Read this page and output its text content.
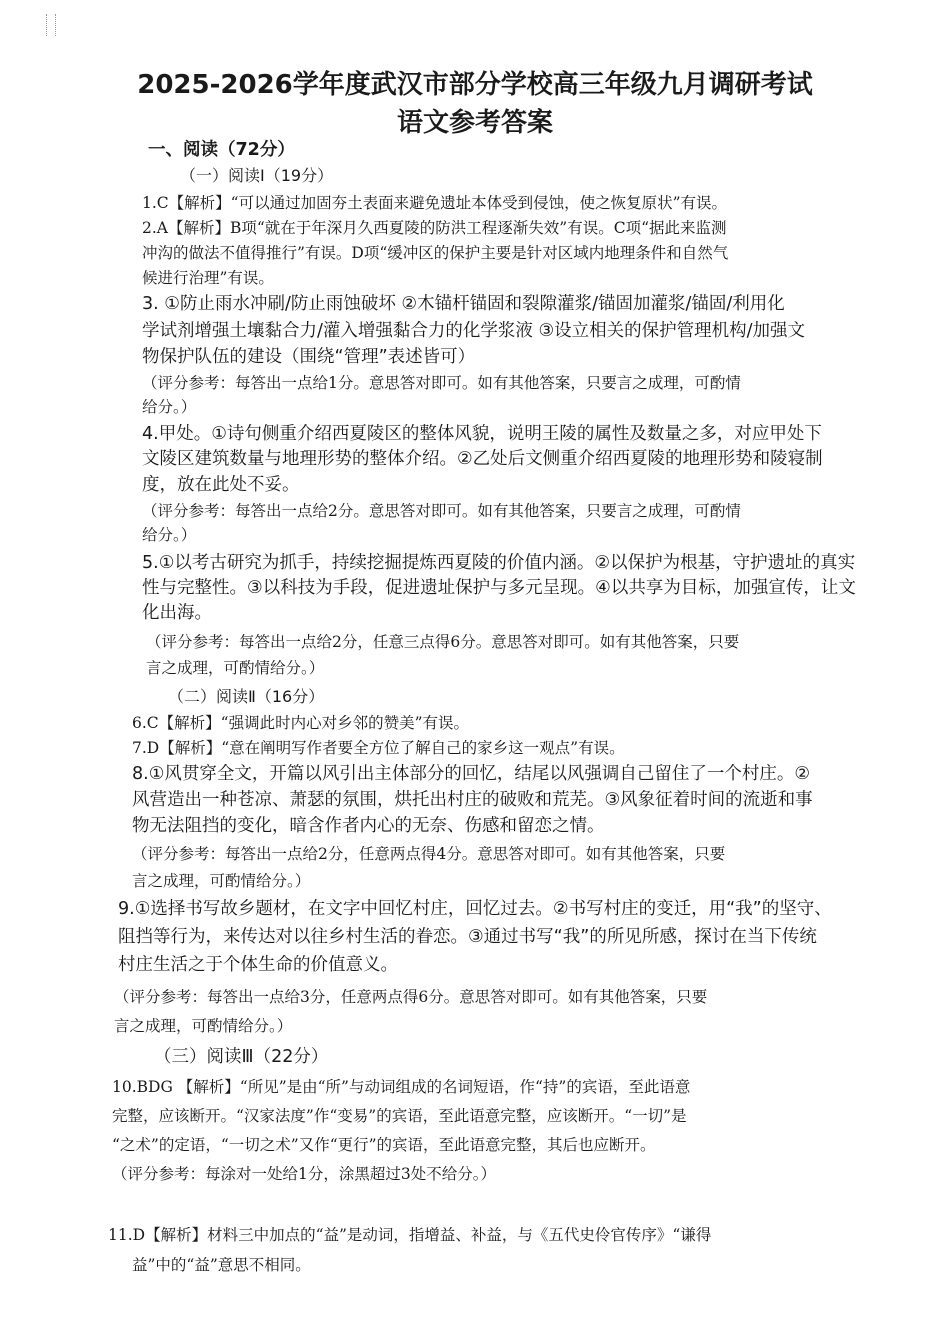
2025-2026学年度武汉市部分学校高三年级九月调研考试
语文参考答案
一、阅读（72分）
（一）阅读Ⅰ（19分）
1.C【解析】“可以通过加固夯土表面来避免遗址本体受到侵蚀，使之恢复原状”有误。
2.A【解析】B项“就在于年深月久西夏陵的防洪工程逐渐失效”有误。C项“据此来监测
冲沟的做法不值得推行”有误。D项“缓冲区的保护主要是针对区域内地理条件和自然气
候进行治理”有误。
3. ①防止雨水冲刷/防止雨蚀破坏 ②木锚杆锚固和裂隙灌浆/锚固加灌浆/锚固/利用化
学试剂增强土壤黏合力/灌入增强黏合力的化学浆液 ③设立相关的保护管理机构/加强文
物保护队伍的建设（围绕“管理”表述皆可）
（评分参考：每答出一点给1分。意思答对即可。如有其他答案，只要言之成理，可酌情
给分。）
4.甲处。①诗句侧重介绍西夏陵区的整体风貌，说明王陵的属性及数量之多，对应甲处下
文陵区建筑数量与地理形势的整体介绍。②乙处后文侧重介绍西夏陵的地理形势和陵寝制
度，放在此处不妥。
（评分参考：每答出一点给2分。意思答对即可。如有其他答案，只要言之成理，可酌情
给分。）
5.①以考古研究为抓手，持续挖掘提炼西夏陵的价值内涵。②以保护为根基，守护遗址的真实
性与完整性。③以科技为手段，促进遗址保护与多元呈现。④以共享为目标，加强宣传，让文
化出海。
（评分参考：每答出一点给2分，任意三点得6分。意思答对即可。如有其他答案，只要
言之成理，可酌情给分。）
（二）阅读Ⅱ（16分）
6.C【解析】“强调此时内心对乡邻的赞美”有误。
7.D【解析】“意在阐明写作者要全方位了解自己的家乡这一观点”有误。
8.①风贯穿全文，开篇以风引出主体部分的回忆，结尾以风强调自己留住了一个村庄。②
风营造出一种苍凉、萧瑟的氛围，烘托出村庄的破败和荒芜。③风象征着时间的流逝和事
物无法阻挡的变化，暗含作者内心的无奈、伤感和留恋之情。
（评分参考：每答出一点给2分，任意两点得4分。意思答对即可。如有其他答案，只要
言之成理，可酌情给分。）
9.①选择书写故乡题材，在文字中回忆村庄，回忆过去。②书写村庄的变迁，用“我”的坚守、
阻挡等行为，来传达对以往乡村生活的眷恋。③通过书写“我”的所见所感，探讨在当下传统
村庄生活之于个体生命的价值意义。
（评分参考：每答出一点给3分，任意两点得6分。意思答对即可。如有其他答案，只要
言之成理，可酌情给分。）
（三）阅读Ⅲ（22分）
10.BDG 【解析】“所见”是由“所”与动词组成的名词短语，作“持”的宾语，至此语意
完整，应该断开。“汉家法度”作“变易”的宾语，至此语意完整，应该断开。“一切”是
“之术”的定语，“一切之术”又作“更行”的宾语，至此语意完整，其后也应断开。
（评分参考：每涂对一处给1分，涂黑超过3处不给分。）
11.D【解析】材料三中加点的“益”是动词，指增益、补益，与《五代史伶官传序》“谦得
益”中的“益”意思不相同。
